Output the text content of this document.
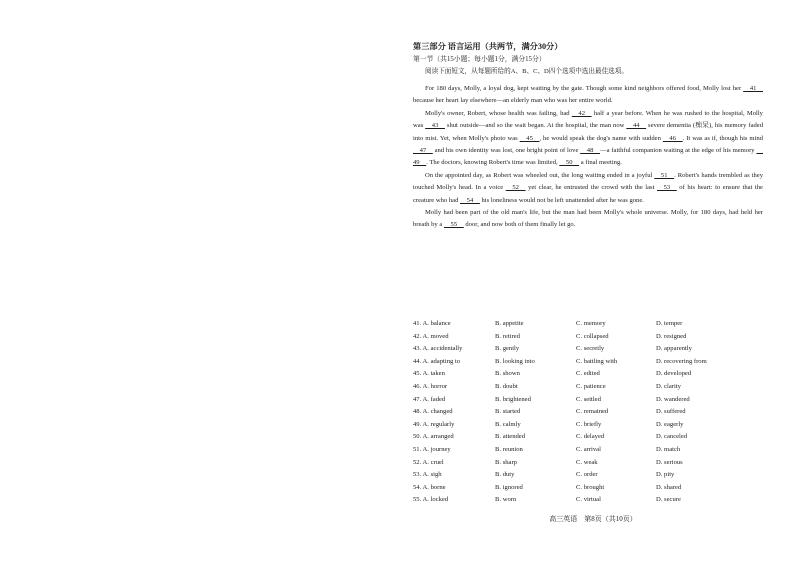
第三部分 语言运用（共两节，满分30分）

第一节（共15小题；每小题1分，满分15分）

阅读下面短文，从每题所给的A、B、C、D四个选项中选出最佳选项。

For 180 days, Molly, a loyal dog, kept waiting by the gate. Though some kind neighbors offered food, Molly lost her   41   because her heart lay elsewhere—an elderly man who was her entire world.

Molly's owner, Robert, whose health was failing, had   42   half a year before. When he was rushed to the hospital, Molly was   43   shut outside—and so the wait began. At the hospital, the man now   44   severe dementia (痴呆), his memory faded into mist. Yet, when Molly's photo was   45  , he would speak the dog's name with sudden   46  . It was as if, though his mind   47   and his own identity was lost, one bright point of love   48  —a faithful companion waiting at the edge of his memory   49  . The doctors, knowing Robert's time was limited,   50   a final meeting.

On the appointed day, as Robert was wheeled out, the long waiting ended in a joyful   51  . Robert's hands trembled as they touched Molly's head. In a voice   52   yet clear, he entrusted the crowd with the last   53   of his heart: to ensure that the creature who had   54   his loneliness would not be left unattended after he was gone.

Molly had been part of the old man's life, but the man had been Molly's whole universe. Molly, for 180 days, had held her breath by a   55   door, and now both of them finally let go.

41. A. balance	B. appetite	C. memory	D. temper
42. A. moved	B. retired	C. collapsed	D. resigned
43. A. accidentally	B. gently	C. secretly	D. apparently
44. A. adapting to	B. looking into	C. battling with	D. recovering from
45. A. taken	B. shown	C. edited	D. developed
46. A. horror	B. doubt	C. patience	D. clarity
47. A. faded	B. brightened	C. settled	D. wandered
48. A. changed	B. started	C. remained	D. suffered
49. A. regularly	B. calmly	C. briefly	D. eagerly
50. A. arranged	B. attended	C. delayed	D. canceled
51. A. journey	B. reunion	C. arrival	D. match
52. A. cruel	B. sharp	C. weak	D. serious
53. A. sigh	B. duty	C. order	D. pity
54. A. borne	B. ignored	C. brought	D. shared
55. A. locked	B. worn	C. virtual	D. secure
高三英语　第8页（共10页）
